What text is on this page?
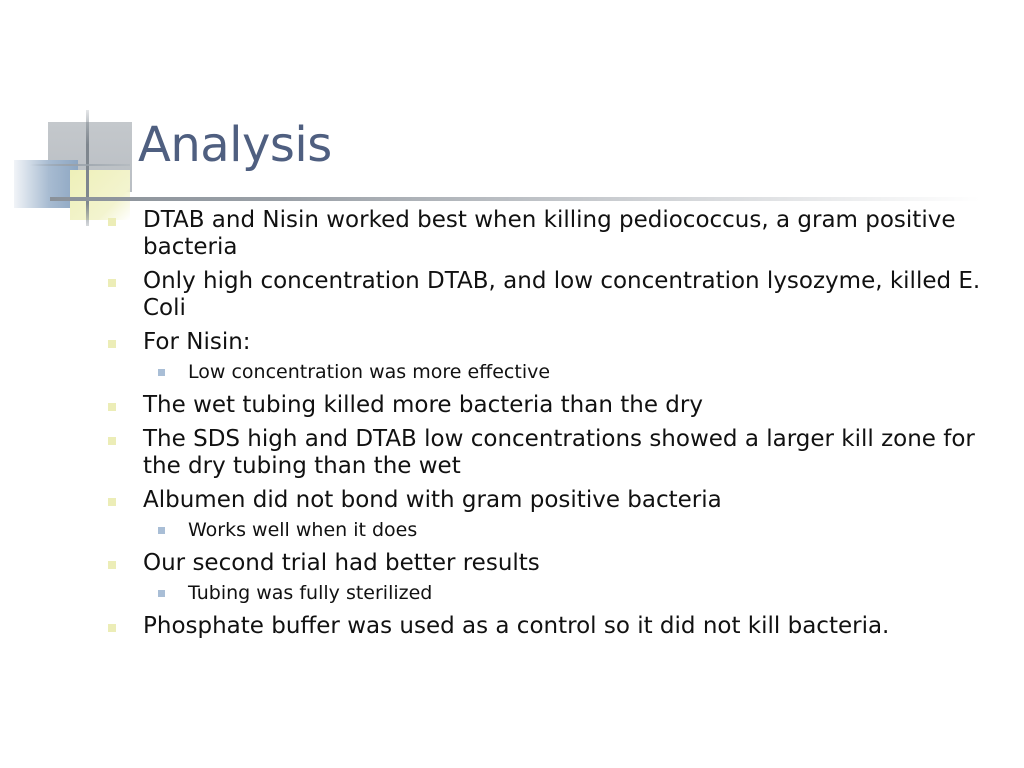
Analysis
DTAB and Nisin worked best when killing pediococcus, a gram positive bacteria
Only high concentration DTAB, and low concentration lysozyme, killed E. Coli
For Nisin:
Low concentration was more effective
The wet tubing killed more bacteria than the dry
The SDS high and DTAB low concentrations showed a larger kill zone for the dry tubing than the wet
Albumen did not bond with gram positive bacteria
Works well when it does
Our second trial had better results
Tubing was fully sterilized
Phosphate buffer was used as a control so it did not kill bacteria.
